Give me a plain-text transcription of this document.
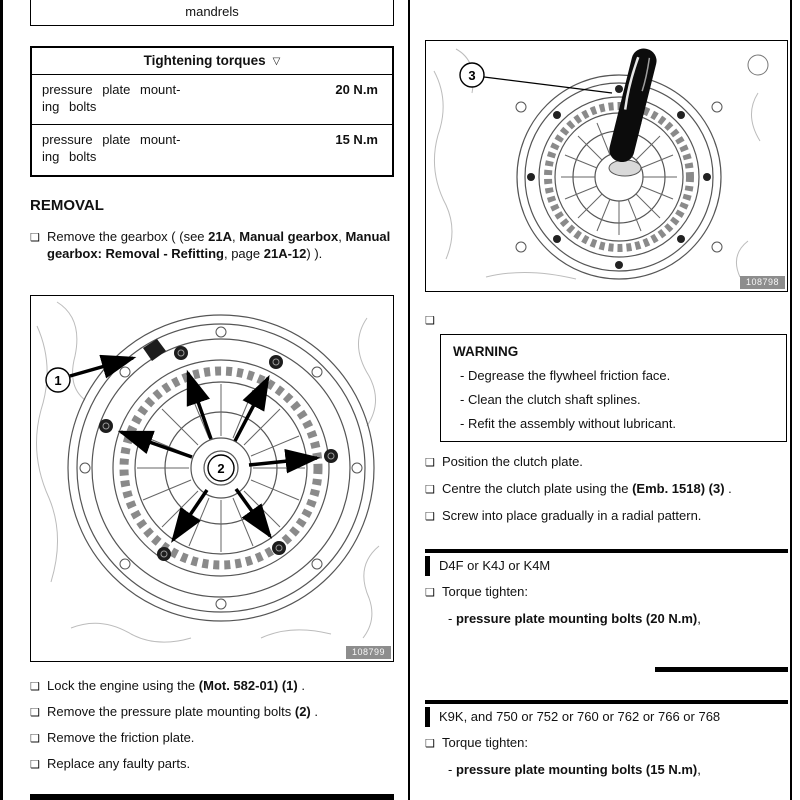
mandrels
Tightening torques ▽
pressure plate mount-
ing bolts
20 N.m
pressure plate mount-
ing bolts
15 N.m
REMOVAL
❑ Remove the gearbox ( (see 21A, Manual gearbox, Manual gearbox: Removal - Refitting, page 21A-12) ).
1
2
108799
❑ Lock the engine using the (Mot. 582-01) (1) .
❑ Remove the pressure plate mounting bolts (2) .
❑ Remove the friction plate.
❑ Replace any faulty parts.
3
108798
❑
WARNING
- Degrease the flywheel friction face.
- Clean the clutch shaft splines.
- Refit the assembly without lubricant.
❑ Position the clutch plate.
❑ Centre the clutch plate using the (Emb. 1518) (3) .
❑ Screw into place gradually in a radial pattern.
D4F or K4J or K4M
❑ Torque tighten:
- pressure plate mounting bolts (20 N.m),
K9K, and 750 or 752 or 760 or 762 or 766 or 768
❑ Torque tighten:
- pressure plate mounting bolts (15 N.m),
